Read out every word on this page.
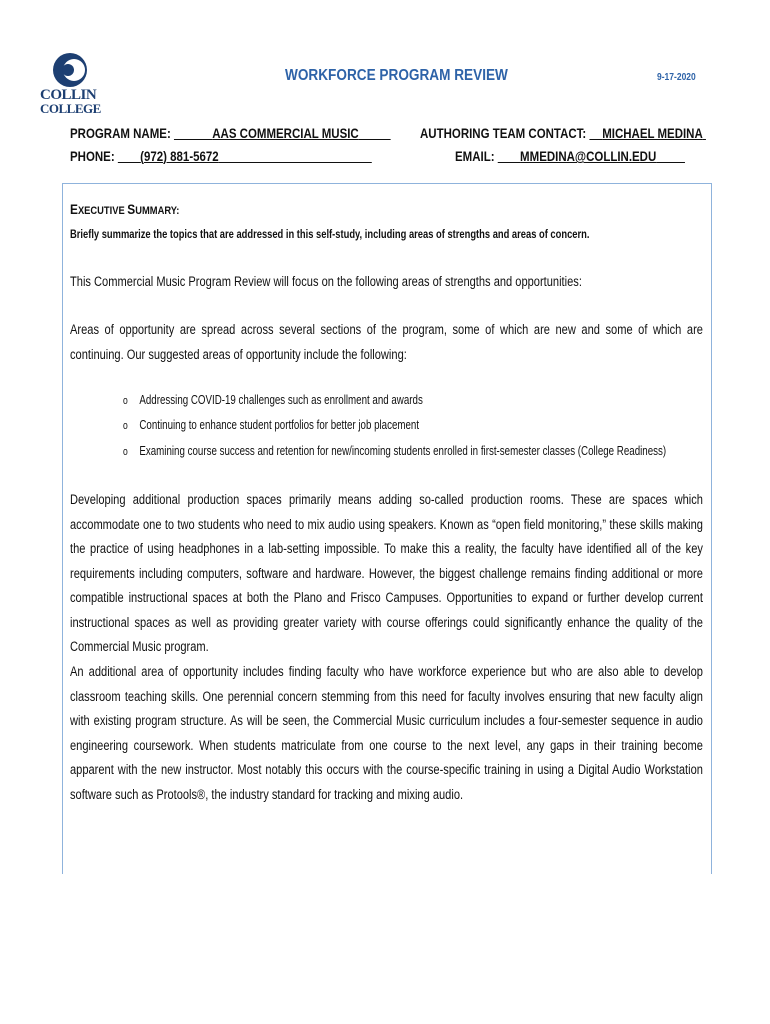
COLLIN
COLLEGE
WORKFORCE PROGRAM REVIEW	9-17-2020
PROGRAM NAME:	AAS COMMERCIAL MUSIC	AUTHORING TEAM CONTACT: MICHAEL MEDINA
PHONE: (972) 881-5672	EMAIL: MMEDINA@COLLIN.EDU
EXECUTIVE SUMMARY:
Briefly summarize the topics that are addressed in this self-study, including areas of strengths and areas of concern.
This Commercial Music Program Review will focus on the following areas of strengths and opportunities:
Areas of opportunity are spread across several sections of the program, some of which are new and some of which are continuing. Our suggested areas of opportunity include the following:
o Addressing COVID-19 challenges such as enrollment and awards
o Continuing to enhance student portfolios for better job placement
o Examining course success and retention for new/incoming students enrolled in first-semester classes (College Readiness)
Developing additional production spaces primarily means adding so-called production rooms. These are spaces which accommodate one to two students who need to mix audio using speakers. Known as “open field monitoring,” these skills making the practice of using headphones in a lab-setting impossible. To make this a reality, the faculty have identified all of the key requirements including computers, software and hardware. However, the biggest challenge remains finding additional or more compatible instructional spaces at both the Plano and Frisco Campuses. Opportunities to expand or further develop current instructional spaces as well as providing greater variety with course offerings could significantly enhance the quality of the Commercial Music program.
An additional area of opportunity includes finding faculty who have workforce experience but who are also able to develop classroom teaching skills. One perennial concern stemming from this need for faculty involves ensuring that new faculty align with existing program structure. As will be seen, the Commercial Music curriculum includes a four-semester sequence in audio engineering coursework. When students matriculate from one course to the next level, any gaps in their training become apparent with the new instructor. Most notably this occurs with the course-specific training in using a Digital Audio Workstation software such as Protools®, the industry standard for tracking and mixing audio.
